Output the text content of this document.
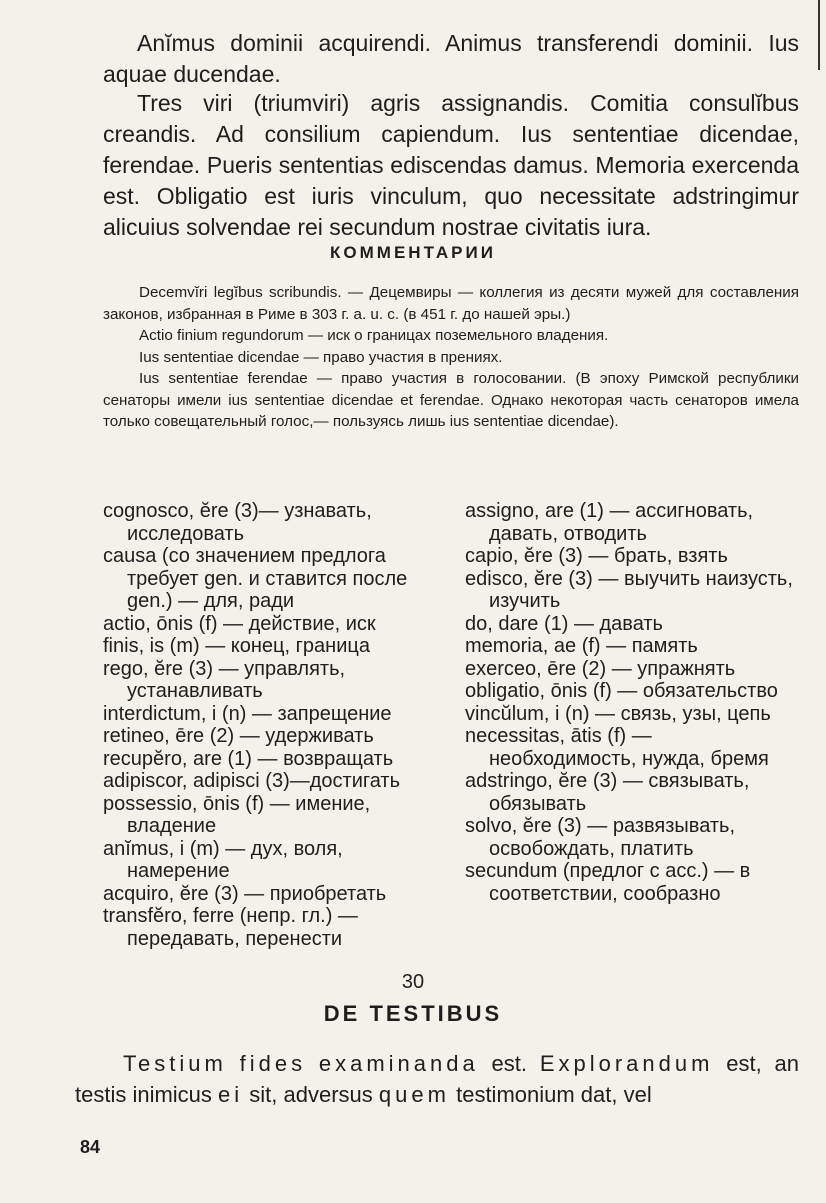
Anĭmus dominii acquirendi. Animus transferendi dominii. Ius aquae ducendae.

Tres viri (triumviri) agris assignandis. Comitia consulĭbus creandis. Ad consilium capiendum. Ius sententiae dicendae, ferendae. Pueris sententias ediscendas damus. Memoria exercenda est. Obligatio est iuris vinculum, quo necessitate adstringimur alicuius solvendae rei secundum nostrae civitatis iura.

КОММЕНТАРИИ

Decemvĭri legĭbus scribundis. — Децемвиры — коллегия из десяти мужей для составления законов, избранная в Риме в 303 г. а. u. c. (в 451 г. до нашей эры.)

Actio finium regundorum — иск о границах поземельного владения.

Ius sententiae dicendae — право участия в прениях.

Ius sententiae ferendae — право участия в голосовании. (В эпоху Римской республики сенаторы имели ius sententiae dicendae et ferendae. Однако некоторая часть сенаторов имела только совещательный голос,— пользуясь лишь ius sententiae dicendae).

cognosco, ĕre (3)— узнавать, исследовать
causa (со значением предлога требует gen. и ставится после gen.) — для, ради
actio, ōnis (f) — действие, иск
finis, is (m) — конец, граница
rego, ĕre (3) — управлять, устанавливать
interdictum, i (n) — запрещение
retineo, ēre (2) — удерживать
recupĕro, are (1) — возвращать
adipiscor, adipisci (3)—достигать
possessio, ōnis (f) — имение, владение
anĭmus, i (m) — дух, воля, намерение
acquiro, ĕre (3) — приобретать
transfĕro, ferre (непр. гл.) — передавать, перенести
assigno, are (1) — ассигновать, давать, отводить
capio, ĕre (3) — брать, взять
edisco, ĕre (3) — выучить наизусть, изучить
do, dare (1) — давать
memoria, ae (f) — память
exerceo, ēre (2) — упражнять
obligatio, ōnis (f) — обязательство
vincŭlum, i (n) — связь, узы, цепь
necessitas, ātis (f) — необходимость, нужда, бремя
adstringo, ĕre (3) — связывать, обязывать
solvo, ĕre (3) — развязывать, освобождать, платить
secundum (предлог с acc.) — в соответствии, сообразно

30

DE TESTIBUS

Testium fides examinanda est. Explorandum est, an testis inimicus ei sit, adversus quem testimonium dat, vel

84
